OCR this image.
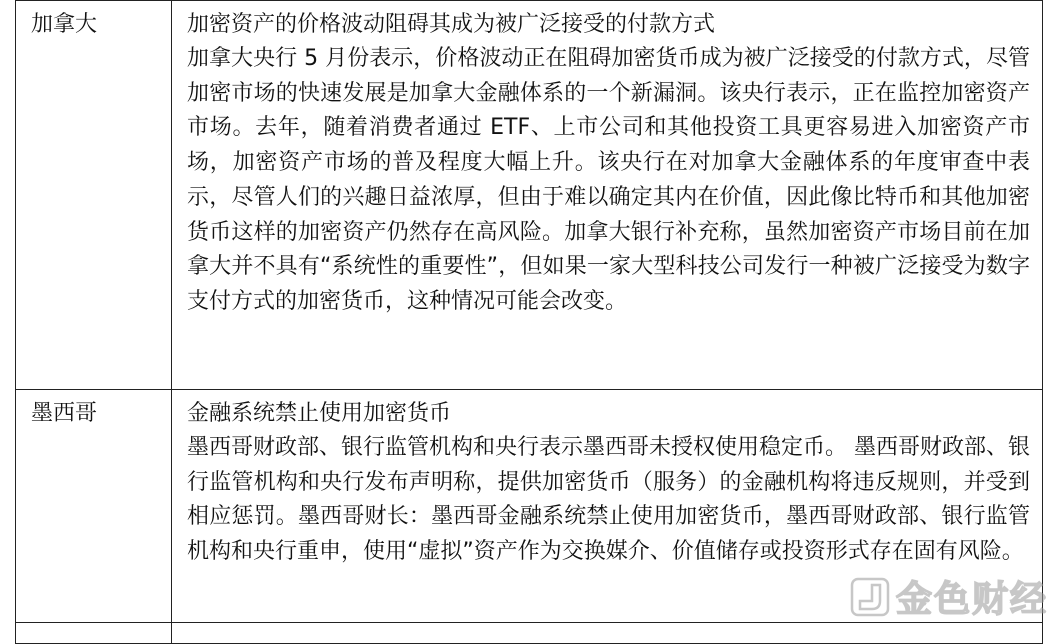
加拿大	加密资产的价格波动阻碍其成为被广泛接受的付款方式
加拿大央行 5 月份表示，价格波动正在阻碍加密货币成为被广泛接受的付款方式，尽管加密市场的快速发展是加拿大金融体系的一个新漏洞。该央行表示，正在监控加密资产市场。去年，随着消费者通过 ETF、上市公司和其他投资工具更容易进入加密资产市场，加密资产市场的普及程度大幅上升。该央行在对加拿大金融体系的年度审查中表示，尽管人们的兴趣日益浓厚，但由于难以确定其内在价值，因此像比特币和其他加密货币这样的加密资产仍然存在高风险。加拿大银行补充称，虽然加密资产市场目前在加拿大并不具有“系统性的重要性”，但如果一家大型科技公司发行一种被广泛接受为数字支付方式的加密货币，这种情况可能会改变。

墨西哥	金融系统禁止使用加密货币
墨西哥财政部、银行监管机构和央行表示墨西哥未授权使用稳定币。 墨西哥财政部、银行监管机构和央行发布声明称，提供加密货币（服务）的金融机构将违反规则，并受到相应惩罚。墨西哥财长：墨西哥金融系统禁止使用加密货币，墨西哥财政部、银行监管机构和央行重申，使用“虚拟”资产作为交换媒介、价值储存或投资形式存在固有风险。

金色财经
